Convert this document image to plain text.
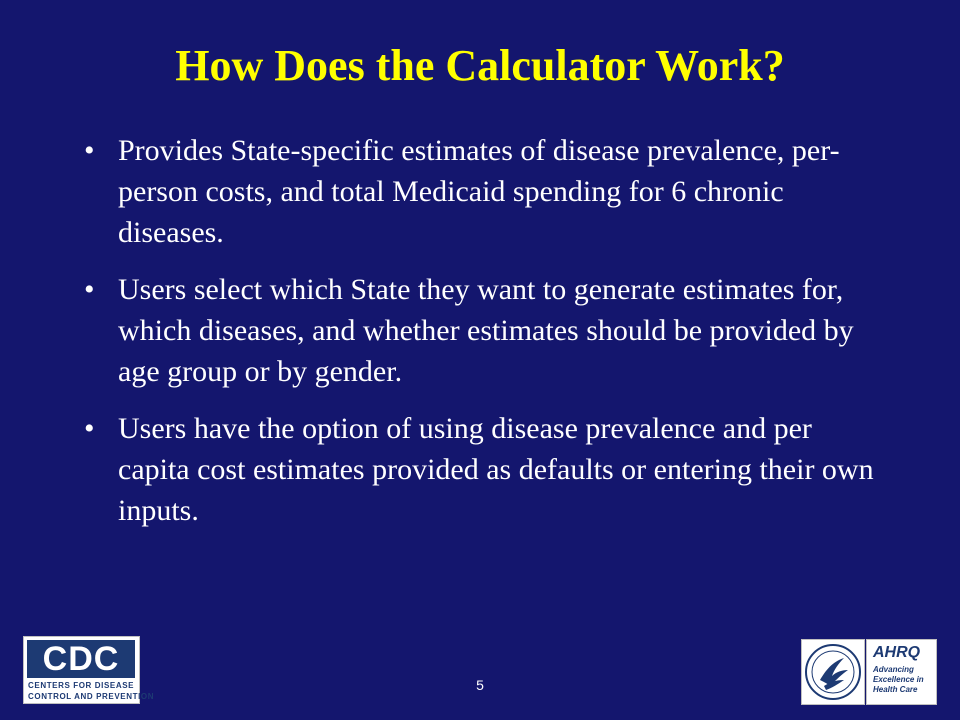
How Does the Calculator Work?
• Provides State-specific estimates of disease prevalence, per-person costs, and total Medicaid spending for 6 chronic diseases.
• Users select which State they want to generate estimates for, which diseases, and whether estimates should be provided by age group or by gender.
• Users have the option of using disease prevalence and per capita cost estimates provided as defaults or entering their own inputs.
CDC
CENTERS FOR DISEASE
CONTROL AND PREVENTION
5
AHRQ
Advancing
Excellence in
Health Care
